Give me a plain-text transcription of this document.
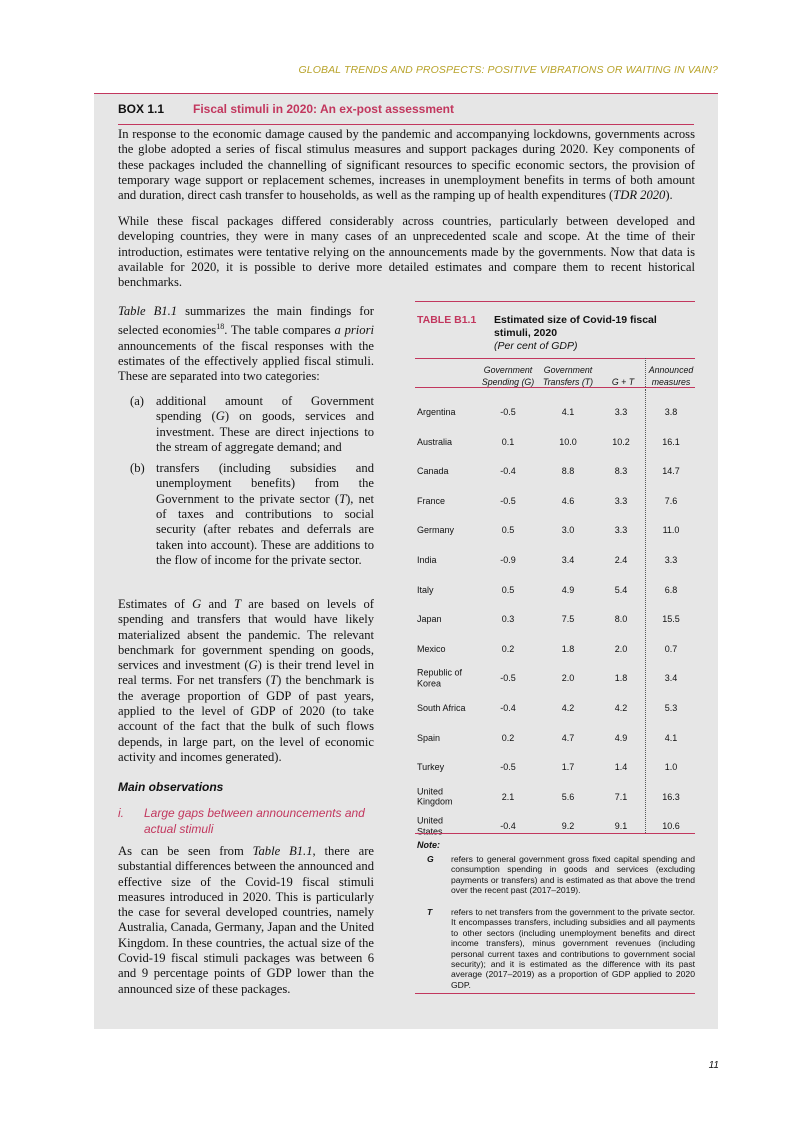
GLOBAL TRENDS AND PROSPECTS: POSITIVE VIBRATIONS OR WAITING IN VAIN?
BOX 1.1 Fiscal stimuli in 2020: An ex-post assessment

In response to the economic damage caused by the pandemic and accompanying lockdowns, governments across the globe adopted a series of fiscal stimulus measures and support packages during 2020. Key components of these packages included the channelling of significant resources to specific economic sectors, the provision of temporary wage support or replacement schemes, increases in unemployment benefits in terms of both amount and duration, direct cash transfer to households, as well as the ramping up of health expenditures (TDR 2020).

While these fiscal packages differed considerably across countries, particularly between developed and developing countries, they were in many cases of an unprecedented scale and scope. At the time of their introduction, estimates were tentative relying on the announcements made by the governments. Now that data is available for 2020, it is possible to derive more detailed estimates and compare them to recent historical benchmarks.

Table B1.1 summarizes the main findings for selected economies$^{18}$. The table compares a priori announcements of the fiscal responses with the estimates of the effectively applied fiscal stimuli. These are separated into two categories:

(a) additional amount of Government spending (G) on goods, services and investment. These are direct injections to the stream of aggregate demand; and
(b) transfers (including subsidies and unemployment benefits) from the Government to the private sector (T), net of taxes and contributions to social security (after rebates and deferrals are taken into account). These are additions to the flow of income for the private sector.

Estimates of G and T are based on levels of spending and transfers that would have likely materialized absent the pandemic. The relevant benchmark for government spending on goods, services and investment (G) is their trend level in real terms. For net transfers (T) the benchmark is the average proportion of GDP of past years, applied to the level of GDP of 2020 (to take account of the fact that the bulk of such flows depends, in large part, on the level of economic activity and incomes generated).

Main observations
i.	Large gaps between announcements and actual stimuli

As can be seen from Table B1.1, there are substantial differences between the announced and effective size of the Covid-19 fiscal stimuli measures introduced in 2020. This is particularly the case for several developed countries, namely Australia, Canada, Germany, Japan and the United Kingdom. In these countries, the actual size of the Covid-19 fiscal stimuli packages was between 6 and 9 percentage points of GDP lower than the announced size of these packages.

TABLE B1.1 Estimated size of Covid-19 fiscal stimuli, 2020
(Per cent of GDP)
Government
Spending (G)
Government
Transfers (T)
	G + T
Announced
measures
Argentina	-0.5	4.1	3.3	3.8
Australia	0.1	10.0	10.2	16.1
Canada	-0.4	8.8	8.3	14.7
France	-0.5	4.6	3.3	7.6
Germany	0.5	3.0	3.3	11.0
India	-0.9	3.4	2.4	3.3
Italy	0.5	4.9	5.4	6.8
Japan	0.3	7.5	8.0	15.5
Mexico	0.2	1.8	2.0	0.7
Republic of
Korea	-0.5	2.0	1.8	3.4
South Africa	-0.4	4.2	4.2	5.3
Spain	0.2	4.7	4.9	4.1
Turkey	-0.5	1.7	1.4	1.0
United
Kingdom	2.1	5.6	7.1	16.3
United
States	-0.4	9.2	9.1	10.6
Note:
G	refers to general government gross fixed capital spending and consumption spending in goods and services (excluding payments or transfers) and is estimated as that above the trend over the recent past (2017–2019).
T	refers to net transfers from the government to the private sector. It encompasses transfers, including subsidies and all payments to other sectors (including unemployment benefits and direct income transfers), minus government revenues (including personal current taxes and contributions to government social security); and it is estimated as the difference with its past average (2017–2019) as a proportion of GDP applied to 2020 GDP.
11
